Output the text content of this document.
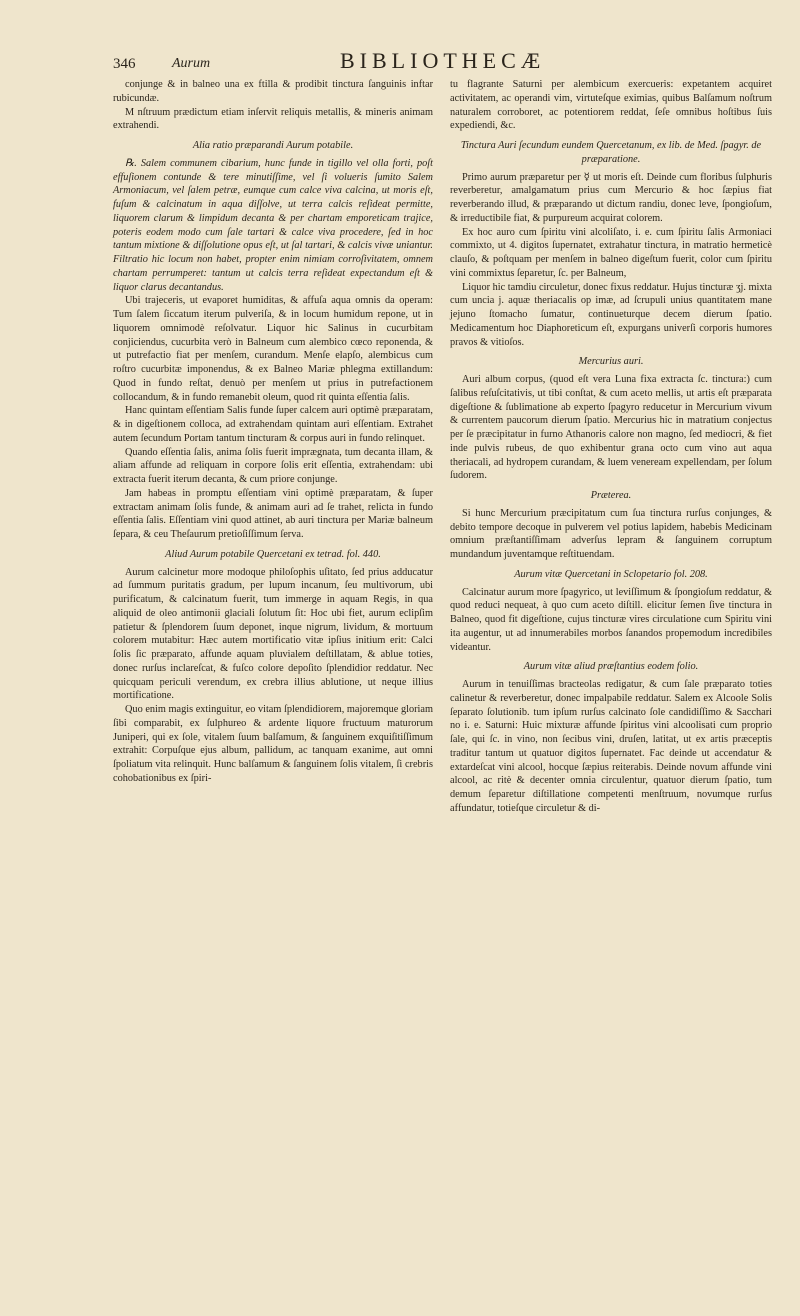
346	Aurum	BIBLIOTHECÆ

conjunge & in balneo una ex ftilla & prodibit tinctura ſanguinis inftar rubicundæ.

M nſtruum prædictum etiam inſervit reliquis metallis, & mineris animam extrahendi.

Alia ratio præparandi Aurum potabile.

℞. Salem communem cibarium, hunc funde in tigillo vel olla forti, poſt effuſionem contunde & tere minutiſſime, vel ſi volueris ſumito Salem Armoniacum, vel ſalem petræ, eumque cum calce viva calcina, ut moris eſt, fuſum & calcinatum in aqua diſſolve, ut terra calcis reſideat permitte, liquorem clarum & limpidum decanta & per chartam emporeticam trajice, poteris eodem modo cum ſale tartari & calce viva procedere, ſed in hoc tantum mixtione & diſſolutione opus eſt, ut ſal tartari, & calcis vivæ uniantur. Filtratio hic locum non habet, propter enim nimiam corroſivitatem, omnem chartam perrumperet: tantum ut calcis terra reſideat expectandum eſt & liquor clarus decantandus.

Ubi trajeceris, ut evaporet humiditas, & affuſa aqua omnis da operam: Tum ſalem ſiccatum iterum pulveriſa, & in locum humidum repone, ut in liquorem omnimodè reſolvatur. Liquor hic Salinus in cucurbitam conjiciendus, cucurbita verò in Balneum cum alembico cœco reponenda, & ut putrefactio fiat per menſem, curandum. Menſe elapſo, alembicus cum roſtro cucurbitæ imponendus, & ex Balneo Mariæ phlegma extillandum: Quod in fundo reſtat, denuò per menſem ut prius in putrefactionem collocandum, & in fundo remanebit oleum, quod rit quinta eſſentia ſalis.

Hanc quintam eſſentiam Salis funde ſuper calcem auri optimè præparatam, & in digeſtionem colloca, ad extrahendam quintam auri eſſentiam. Extrahet autem ſecundum Portam tantum tincturam & corpus auri in fundo relinquet.

Quando eſſentia ſalis, anima ſolis fuerit imprægnata, tum decanta illam, & aliam affunde ad reliquam in corpore ſolis erit eſſentia, extrahendam: ubi extracta fuerit iterum decanta, & cum priore conjunge.

Jam habeas in promptu eſſentiam vini optimè præparatam, & ſuper extractam animam ſolis funde, & animam auri ad ſe trahet, relicta in fundo eſſentia ſalis. Eſſentiam vini quod attinet, ab auri tinctura per Mariæ balneum ſepara, & ceu Theſaurum pretioſiſſimum ſerva.

Aliud Aurum potabile Quercetani ex tetrad. fol. 440.

Aurum calcinetur more modoque philoſophis uſitato, ſed prius adducatur ad ſummum puritatis gradum, per lupum incanum, ſeu multivorum, ubi purificatum, & calcinatum fuerit, tum immerge in aquam Regis, in qua aliquid de oleo antimonii glaciali ſolutum ſit: Hoc ubi fiet, aurum eclipſim patietur & ſplendorem ſuum deponet, inque nigrum, lividum, & mortuum colorem mutabitur: Hæc autem mortificatio vitæ ipſius initium erit: Calci ſolis ſic præparato, affunde aquam pluvialem deſtillatam, & ablue toties, donec rurſus inclareſcat, & fuſco colore depoſito ſplendidior reddatur. Nec quicquam periculi verendum, ex crebra illius ablutione, ut neque illius mortificatione.

Quo enim magis extinguitur, eo vitam ſplendidiorem, majoremque gloriam ſibi comparabit, ex ſulphureo & ardente liquore fructuum maturorum Juniperi, qui ex ſole, vitalem ſuum balſamum, & ſanguinem exquiſitiſſimum extrahit: Corpuſque ejus album, pallidum, ac tanquam exanime, aut omni ſpoliatum vita relinquit. Hunc balſamum & ſanguinem ſolis vitalem, ſi crebris cohobationibus ex ſpiri-

tu flagrante Saturni per alembicum exercueris: expetantem acquiret activitatem, ac operandi vim, virtuteſque eximias, quibus Balſamum noſtrum naturalem corroboret, ac potentiorem reddat, ſeſe omnibus hoſtibus ſuis expediendi, &c.

Tinctura Auri ſecundum eundem Quercetanum, ex lib. de Med. ſpagyr. de præparatione.

Primo aurum præparetur per ☿ ut moris eſt. Deinde cum floribus ſulphuris reverberetur, amalgamatum prius cum Mercurio & hoc ſæpius fiat reverberando illud, & præparando ut dictum randiu, donec leve, ſpongioſum, & irreductibile fiat, & purpureum acquirat colorem.

Ex hoc auro cum ſpiritu vini alcoliſato, i. e. cum ſpiritu ſalis Armoniaci commixto, ut 4. digitos ſupernatet, extrahatur tinctura, in matratio hermeticè clauſo, & poſtquam per menſem in balneo digeſtum fuerit, color cum ſpiritu vini commixtus ſeparetur, ſc. per Balneum,

Liquor hic tamdiu circuletur, donec fixus reddatur. Hujus tincturæ ʒj. mixta cum uncia j. aquæ theriacalis op imæ, ad ſcrupuli unius quantitatem mane jejuno ſtomacho ſumatur, continueturque decem dierum ſpatio. Medicamentum hoc Diaphoreticum eſt, expurgans univerſi corporis humores pravos & vitioſos.

Mercurius auri.

Auri album corpus, (quod eſt vera Luna fixa extracta ſc. tinctura:) cum ſalibus reſuſcitativis, ut tibi conſtat, & cum aceto mellis, ut artis eſt præparata digeſtione & ſublimatione ab experto ſpagyro reducetur in Mercurium vivum & currentem paucorum dierum ſpatio. Mercurius hic in matratium conjectus per ſe præcipitatur in furno Athanoris calore non magno, ſed mediocri, & fiet inde pulvis rubeus, de quo exhibentur grana octo cum vino aut aqua theriacali, ad hydropem curandam, & luem veneream expellendam, per ſolum ſudorem.

Præterea.

Si hunc Mercurium præcipitatum cum ſua tinctura rurſus conjunges, & debito tempore decoque in pulverem vel potius lapidem, habebis Medicinam omnium præſtantiſſimam adverſus lepram & ſanguinem corruptum mundandum juventamque reſtituendam.

Aurum vitæ Quercetani in Sclopetario fol. 208.

Calcinatur aurum more ſpagyrico, ut leviſſimum & ſpongioſum reddatur, & quod reduci nequeat, à quo cum aceto diſtill. elicitur ſemen ſive tinctura in Balneo, quod fit digeſtione, cujus tincturæ vires circulatione cum Spiritu vini ita augentur, ut ad innumerabiles morbos ſanandos propemodum incredibiles videantur.

Aurum vitæ aliud præſtantius eodem folio.

Aurum in tenuiſſimas bracteolas redigatur, & cum ſale præparato toties calinetur & reverberetur, donec impalpabile reddatur. Salem ex Alcoole Solis ſeparato ſolutionib. tum ipſum rurſus calcinato ſole candidiſſimo & Sacchari no i. e. Saturni: Huic mixturæ affunde ſpiritus vini alcoolisati cum proprio ſale, qui ſc. in vino, non ſecibus vini, druſen, latitat, ut ex artis præceptis traditur tantum ut quatuor digitos ſupernatet. Fac deinde ut accendatur & extardeſcat vini alcool, hocque ſæpius reiterabis. Deinde novum affunde vini alcool, ac ritè & decenter omnia circulentur, quatuor dierum ſpatio, tum demum ſeparetur diſtillatione competenti menſtruum, novumque rurſus affundatur, totieſque circuletur & di-
